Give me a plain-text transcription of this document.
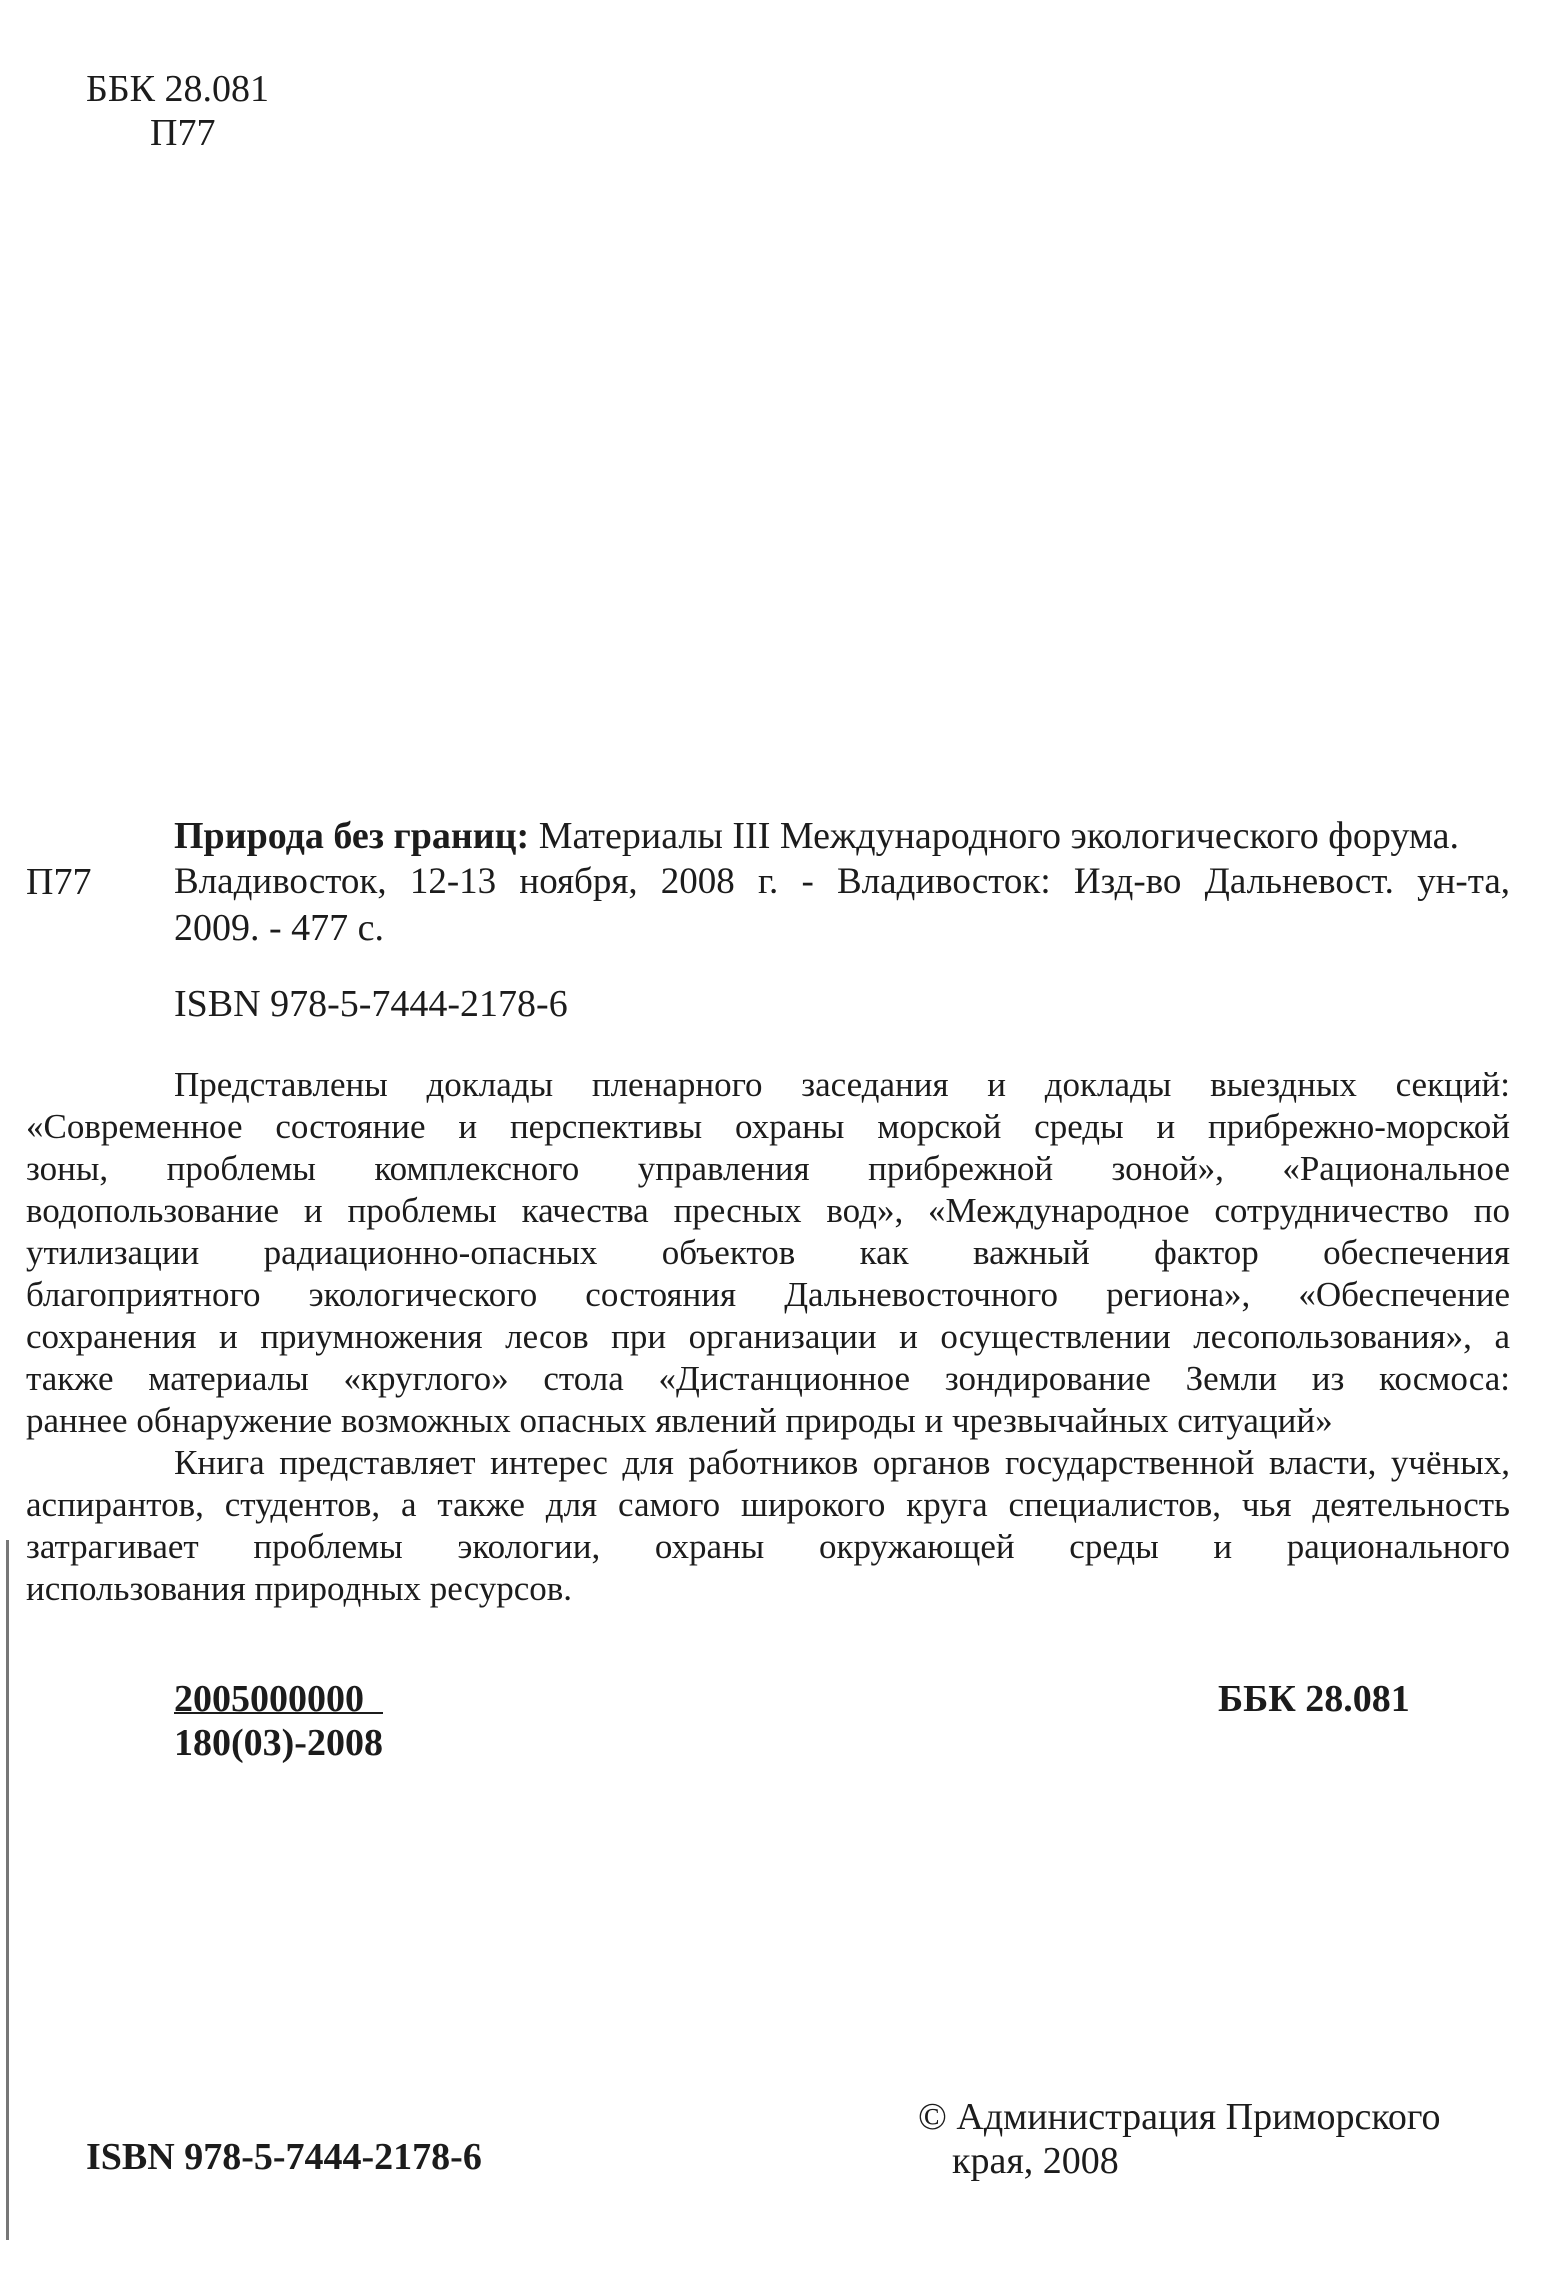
ББК 28.081
П77
П77
Природа без границ: Материалы III Международного экологического форума.
Владивосток, 12-13 ноября, 2008 г. - Владивосток: Изд-во Дальневост. ун-та,
2009. - 477 с.
ISBN 978-5-7444-2178-6
Представлены доклады пленарного заседания и доклады выездных секций:
«Современное состояние и перспективы охраны морской среды и прибрежно-морской
зоны, проблемы комплексного управления прибрежной зоной», «Рациональное
водопользование и проблемы качества пресных вод», «Международное сотрудничество по
утилизации радиационно-опасных объектов как важный фактор обеспечения
благоприятного экологического состояния Дальневосточного региона», «Обеспечение
сохранения и приумножения лесов при организации и осуществлении лесопользования», а
также материалы «круглого» стола «Дистанционное зондирование Земли из космоса:
раннее обнаружение возможных опасных явлений природы и чрезвычайных ситуаций»
Книга представляет интерес для работников органов государственной власти, учёных,
аспирантов, студентов, а также для самого широкого круга специалистов, чья деятельность
затрагивает проблемы экологии, охраны окружающей среды и рационального
использования природных ресурсов.
2005000000
180(03)-2008
ББК 28.081
© Администрация Приморского
ISBN 978-5-7444-2178-6	края, 2008
